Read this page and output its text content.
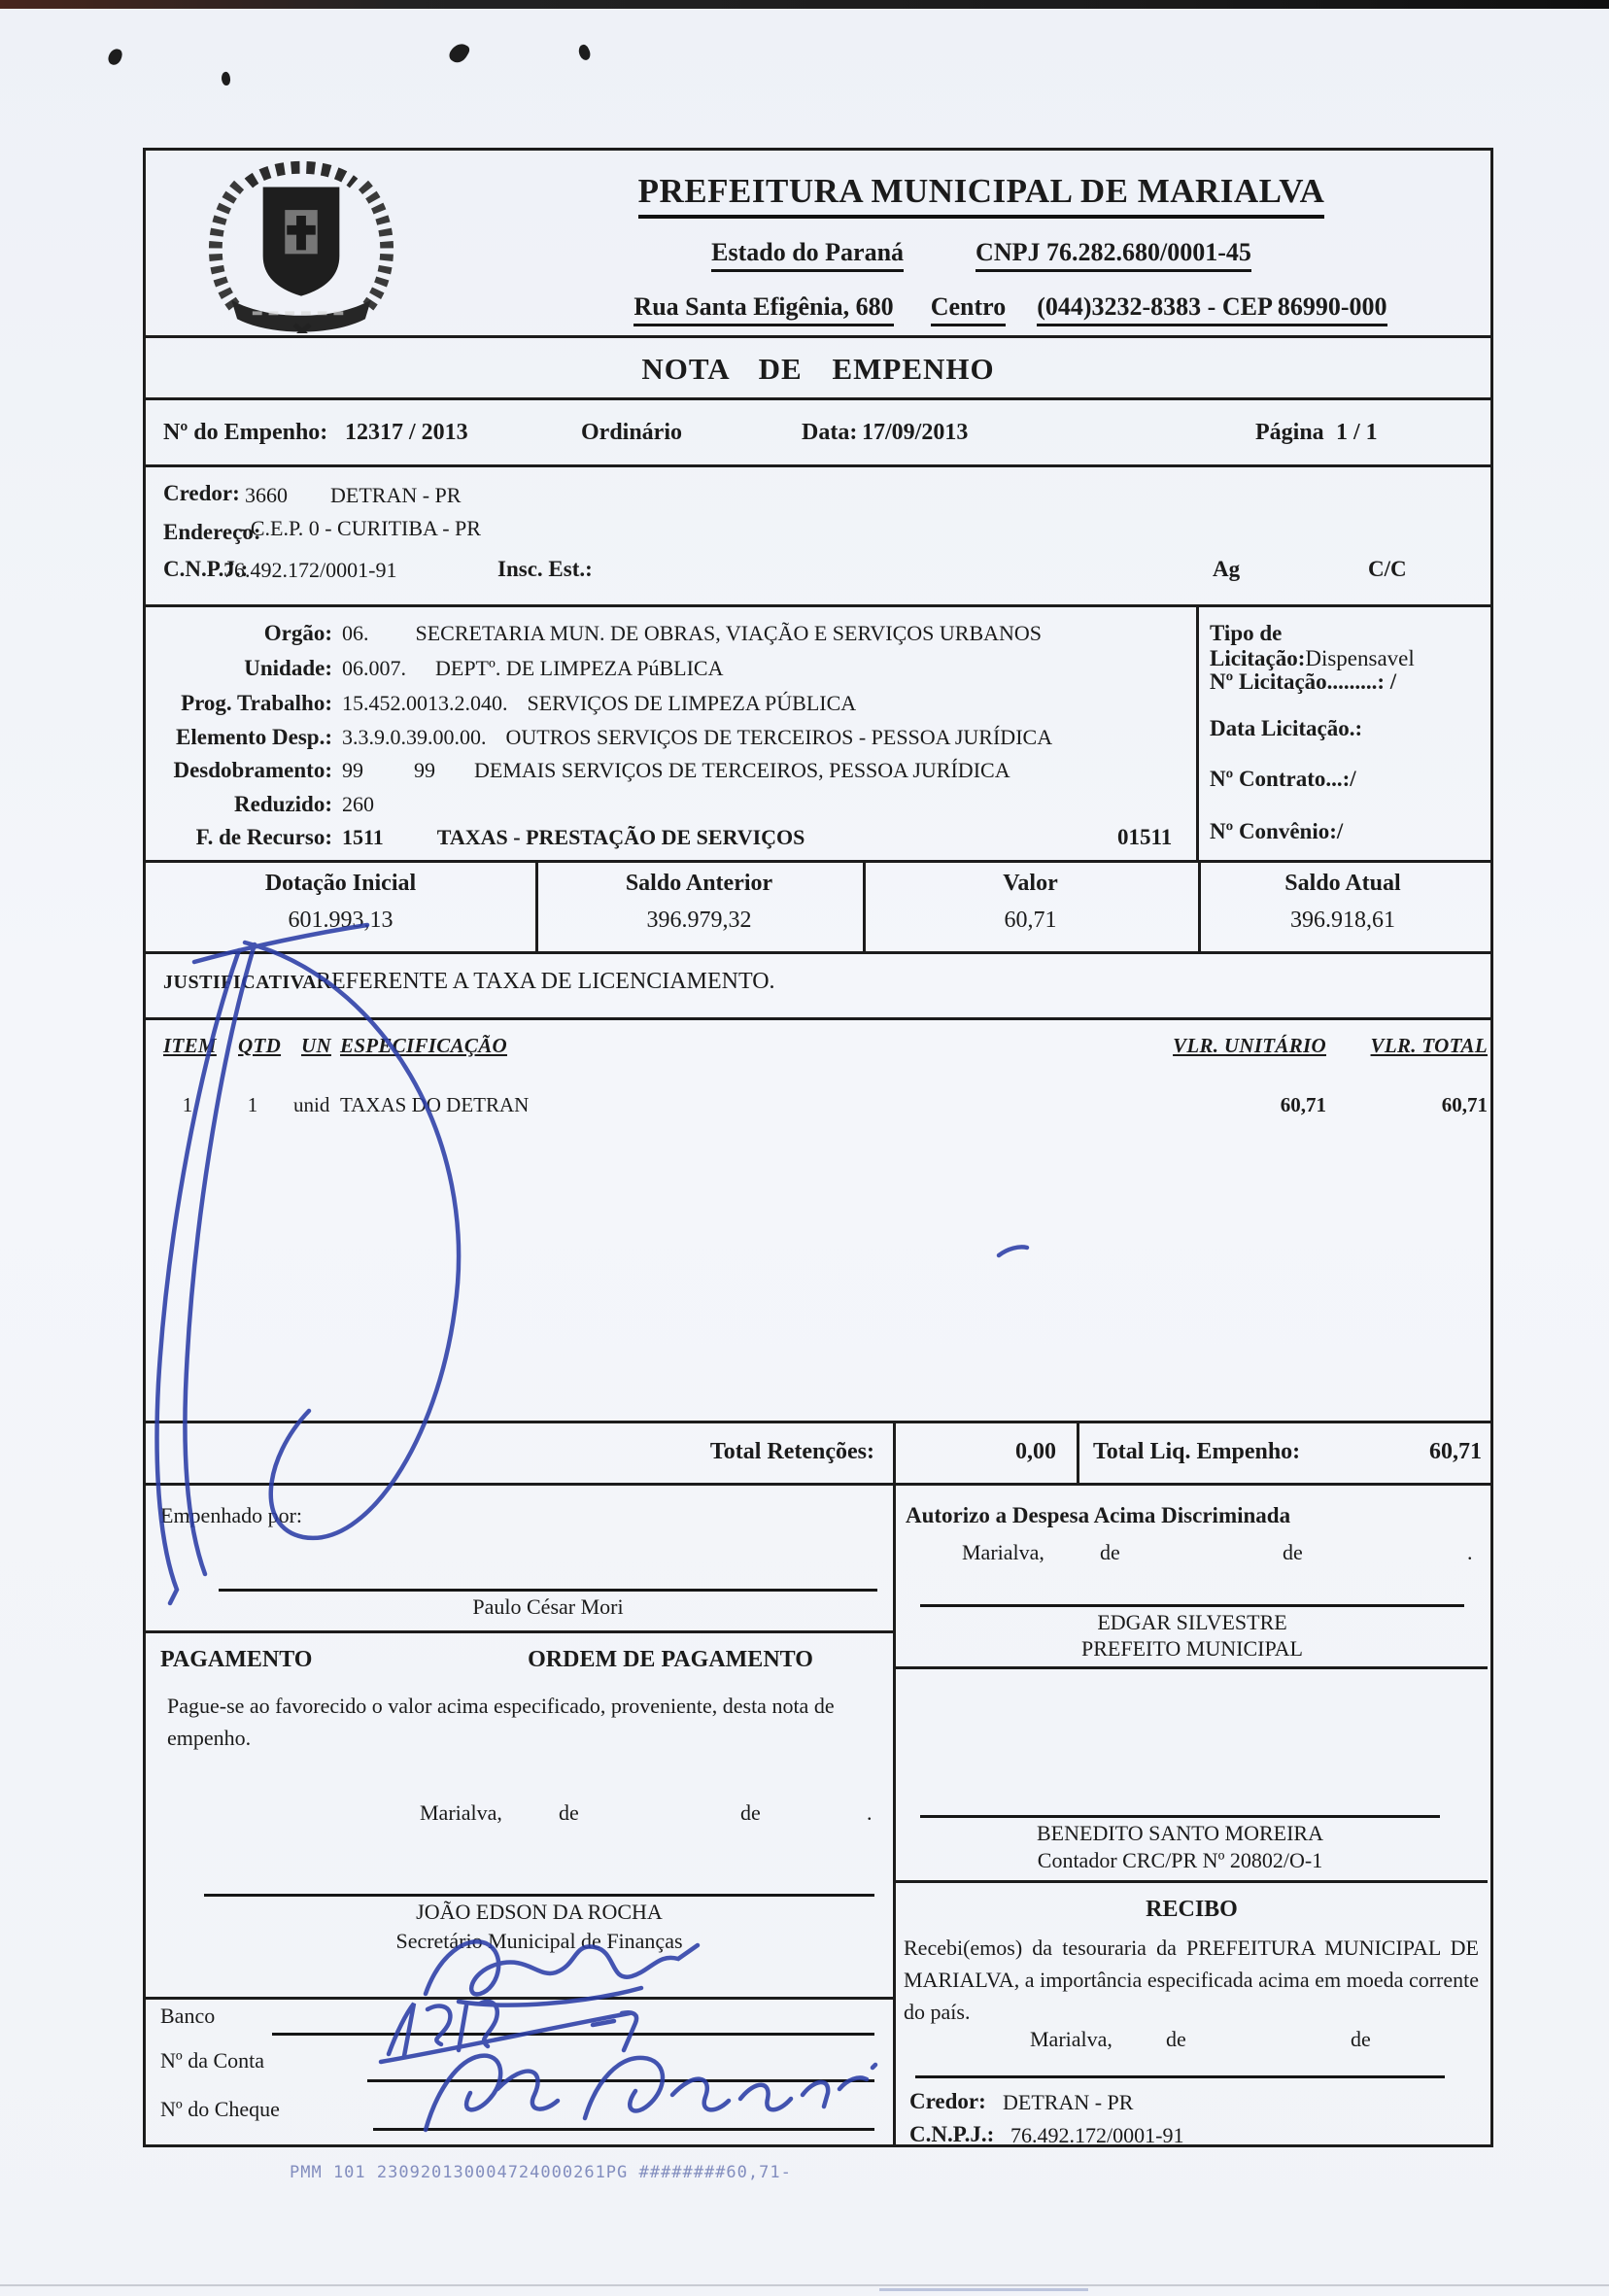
PREFEITURA MUNICIPAL DE MARIALVA
Estado do Paraná	CNPJ 76.282.680/0001-45
Rua Santa Efigênia, 680 Centro (044)3232-8383 - CEP 86990-000
NOTA DE EMPENHO
Nº do Empenho: 12317 / 2013	Ordinário	Data: 17/09/2013	Página 1 / 1
Credor: 3660 DETRAN - PR
Endereço:
- C.E.P. 0 - CURITIBA - PR
C.N.P.J.:
76.492.172/0001-91	Insc. Est.:	Ag	C/C
Orgão: 06. SECRETARIA MUN. DE OBRAS, VIAÇÃO E SERVIÇOS URBANOS
Unidade: 06.007. DEPTº. DE LIMPEZA PúBLICA
Prog. Trabalho: 15.452.0013.2.040. SERVIÇOS DE LIMPEZA PÚBLICA
Elemento Desp.: 3.3.9.0.39.00.00. OUTROS SERVIÇOS DE TERCEIROS - PESSOA JURÍDICA
Desdobramento: 99 99 DEMAIS SERVIÇOS DE TERCEIROS, PESSOA JURÍDICA
Reduzido: 260
F. de Recurso: 1511	TAXAS - PRESTAÇÃO DE SERVIÇOS	01511
Tipo de Licitação:Dispensavel
Nº Licitação.........: /
Data Licitação.:
Nº Contrato...:/
Nº Convênio:/
Dotação Inicial	Saldo Anterior	Valor	Saldo Atual
601.993,13	396.979,32	60,71	396.918,61
JUSTIFICATIVA:
REFERENTE A TAXA DE LICENCIAMENTO.
ITEM QTD UN ESPECIFICAÇÃO	VLR. UNITÁRIO	VLR. TOTAL
1	1	unid TAXAS DO DETRAN	60,71	60,71
Total Retenções:	0,00 Total Liq. Empenho:	60,71
Empenhado por:
Paulo César Mori
PAGAMENTO	ORDEM DE PAGAMENTO
Pague-se ao favorecido o valor acima especificado, proveniente, desta nota de empenho.
Marialva,	de	de	.
JOÃO EDSON DA ROCHA
Secretário Municipal de Finanças
Banco
Nº da Conta
Nº do Cheque
Autorizo a Despesa Acima Discriminada
Marialva,	de	de	.
EDGAR SILVESTRE
PREFEITO MUNICIPAL
BENEDITO SANTO MOREIRA
Contador CRC/PR Nº 20802/O-1
RECIBO
Recebi(emos) da tesouraria da PREFEITURA MUNICIPAL DE MARIALVA, a importância especificada acima em moeda corrente do país.
Marialva,	de	de
Credor: DETRAN - PR
C.N.P.J.: 76.492.172/0001-91
PMM 101 230920130004724000261PG ########60,71-
